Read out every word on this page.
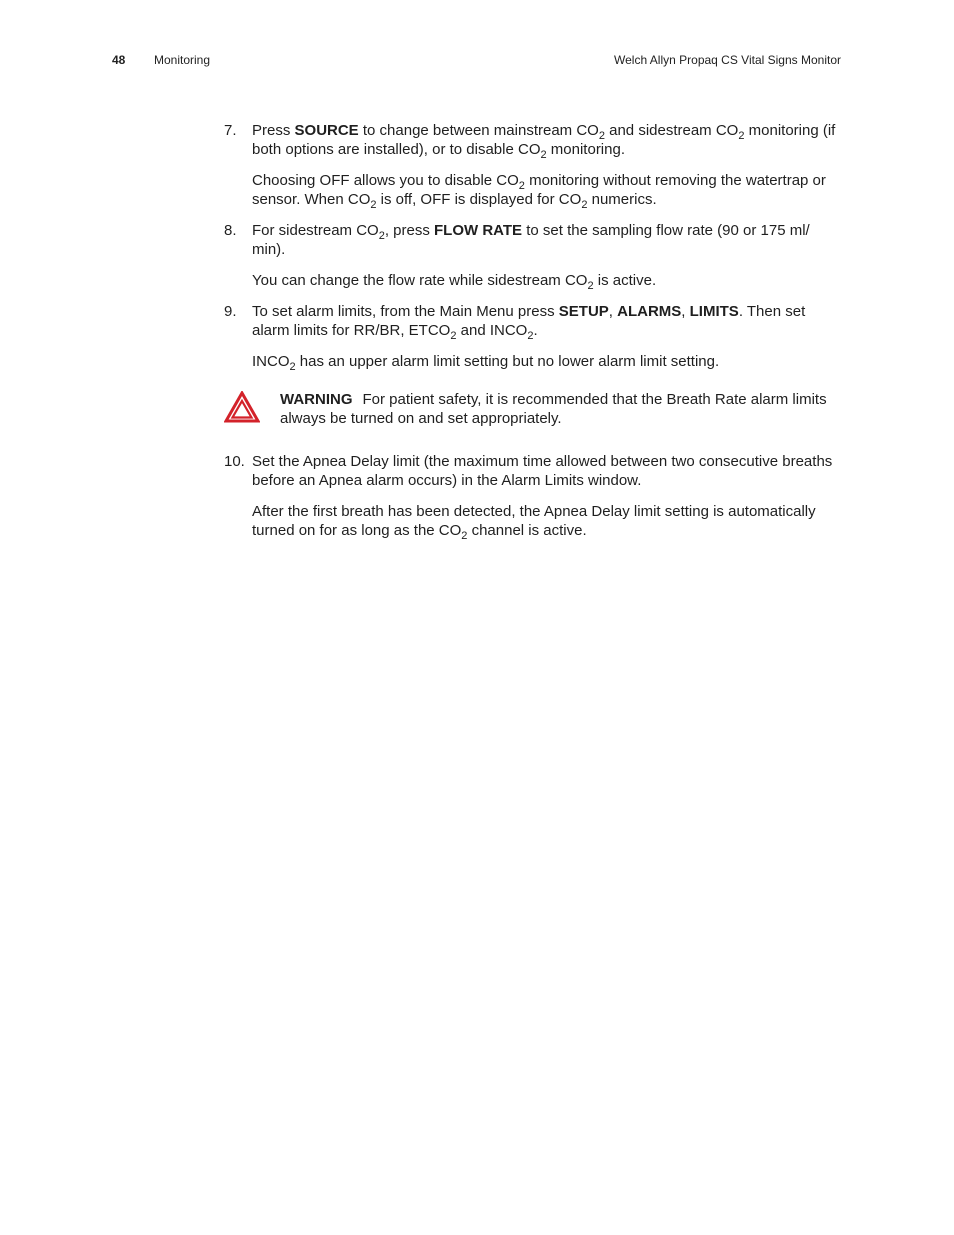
48 Monitoring	Welch Allyn Propaq CS Vital Signs Monitor
7.	Press SOURCE to change between mainstream $CO_2$ and sidestream $CO_2$ monitoring (if both options are installed), or to disable $CO_2$ monitoring.
Choosing OFF allows you to disable $CO_2$ monitoring without removing the watertrap or sensor. When $CO_2$ is off, OFF is displayed for $CO_2$ numerics.
8.	For sidestream $CO_2$, press FLOW RATE to set the sampling flow rate (90 or 175 ml/ min).
You can change the flow rate while sidestream $CO_2$ is active.
9.	To set alarm limits, from the Main Menu press SETUP, ALARMS, LIMITS. Then set alarm limits for RR/BR, $ETCO_2$ and $INCO_2$.
$INCO_2$ has an upper alarm limit setting but no lower alarm limit setting.
WARNING For patient safety, it is recommended that the Breath Rate alarm limits always be turned on and set appropriately.
10. Set the Apnea Delay limit (the maximum time allowed between two consecutive breaths before an Apnea alarm occurs) in the Alarm Limits window.
After the first breath has been detected, the Apnea Delay limit setting is automatically turned on for as long as the $CO_2$ channel is active.
